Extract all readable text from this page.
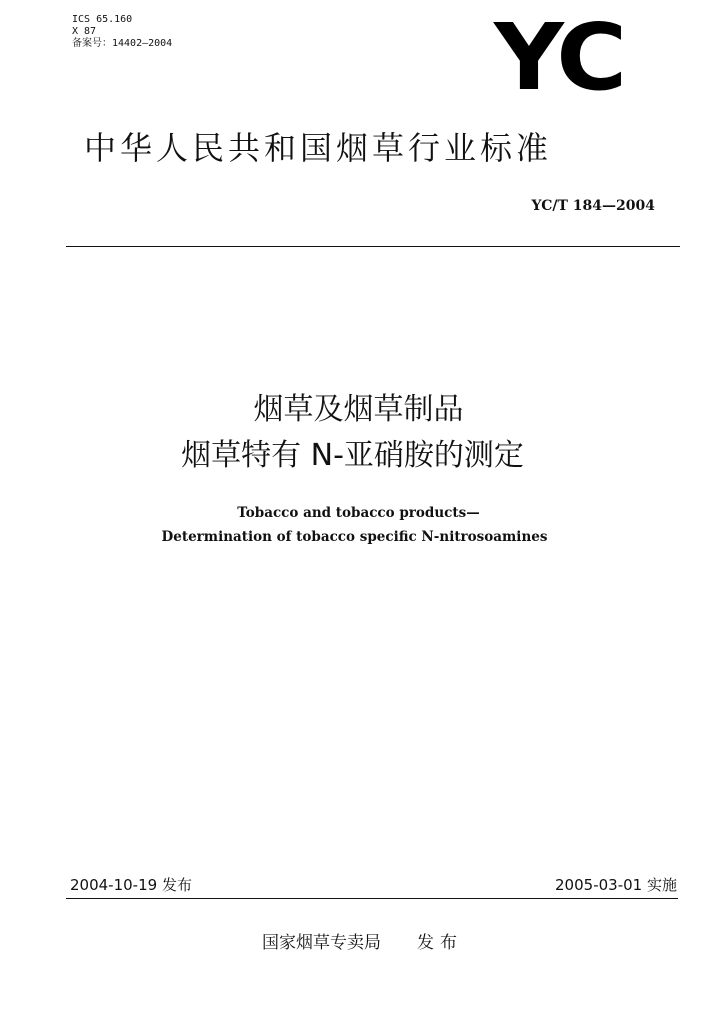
ICS 65.160
X 87
备案号：14402—2004	YC
中华人民共和国烟草行业标准
YC/T 184—2004
烟草及烟草制品
烟草特有 N-亚硝胺的测定
Tobacco and tobacco products—
Determination of tobacco specific N-nitrosoamines
2004-10-19 发布	2005-03-01 实施
国家烟草专卖局 发布
